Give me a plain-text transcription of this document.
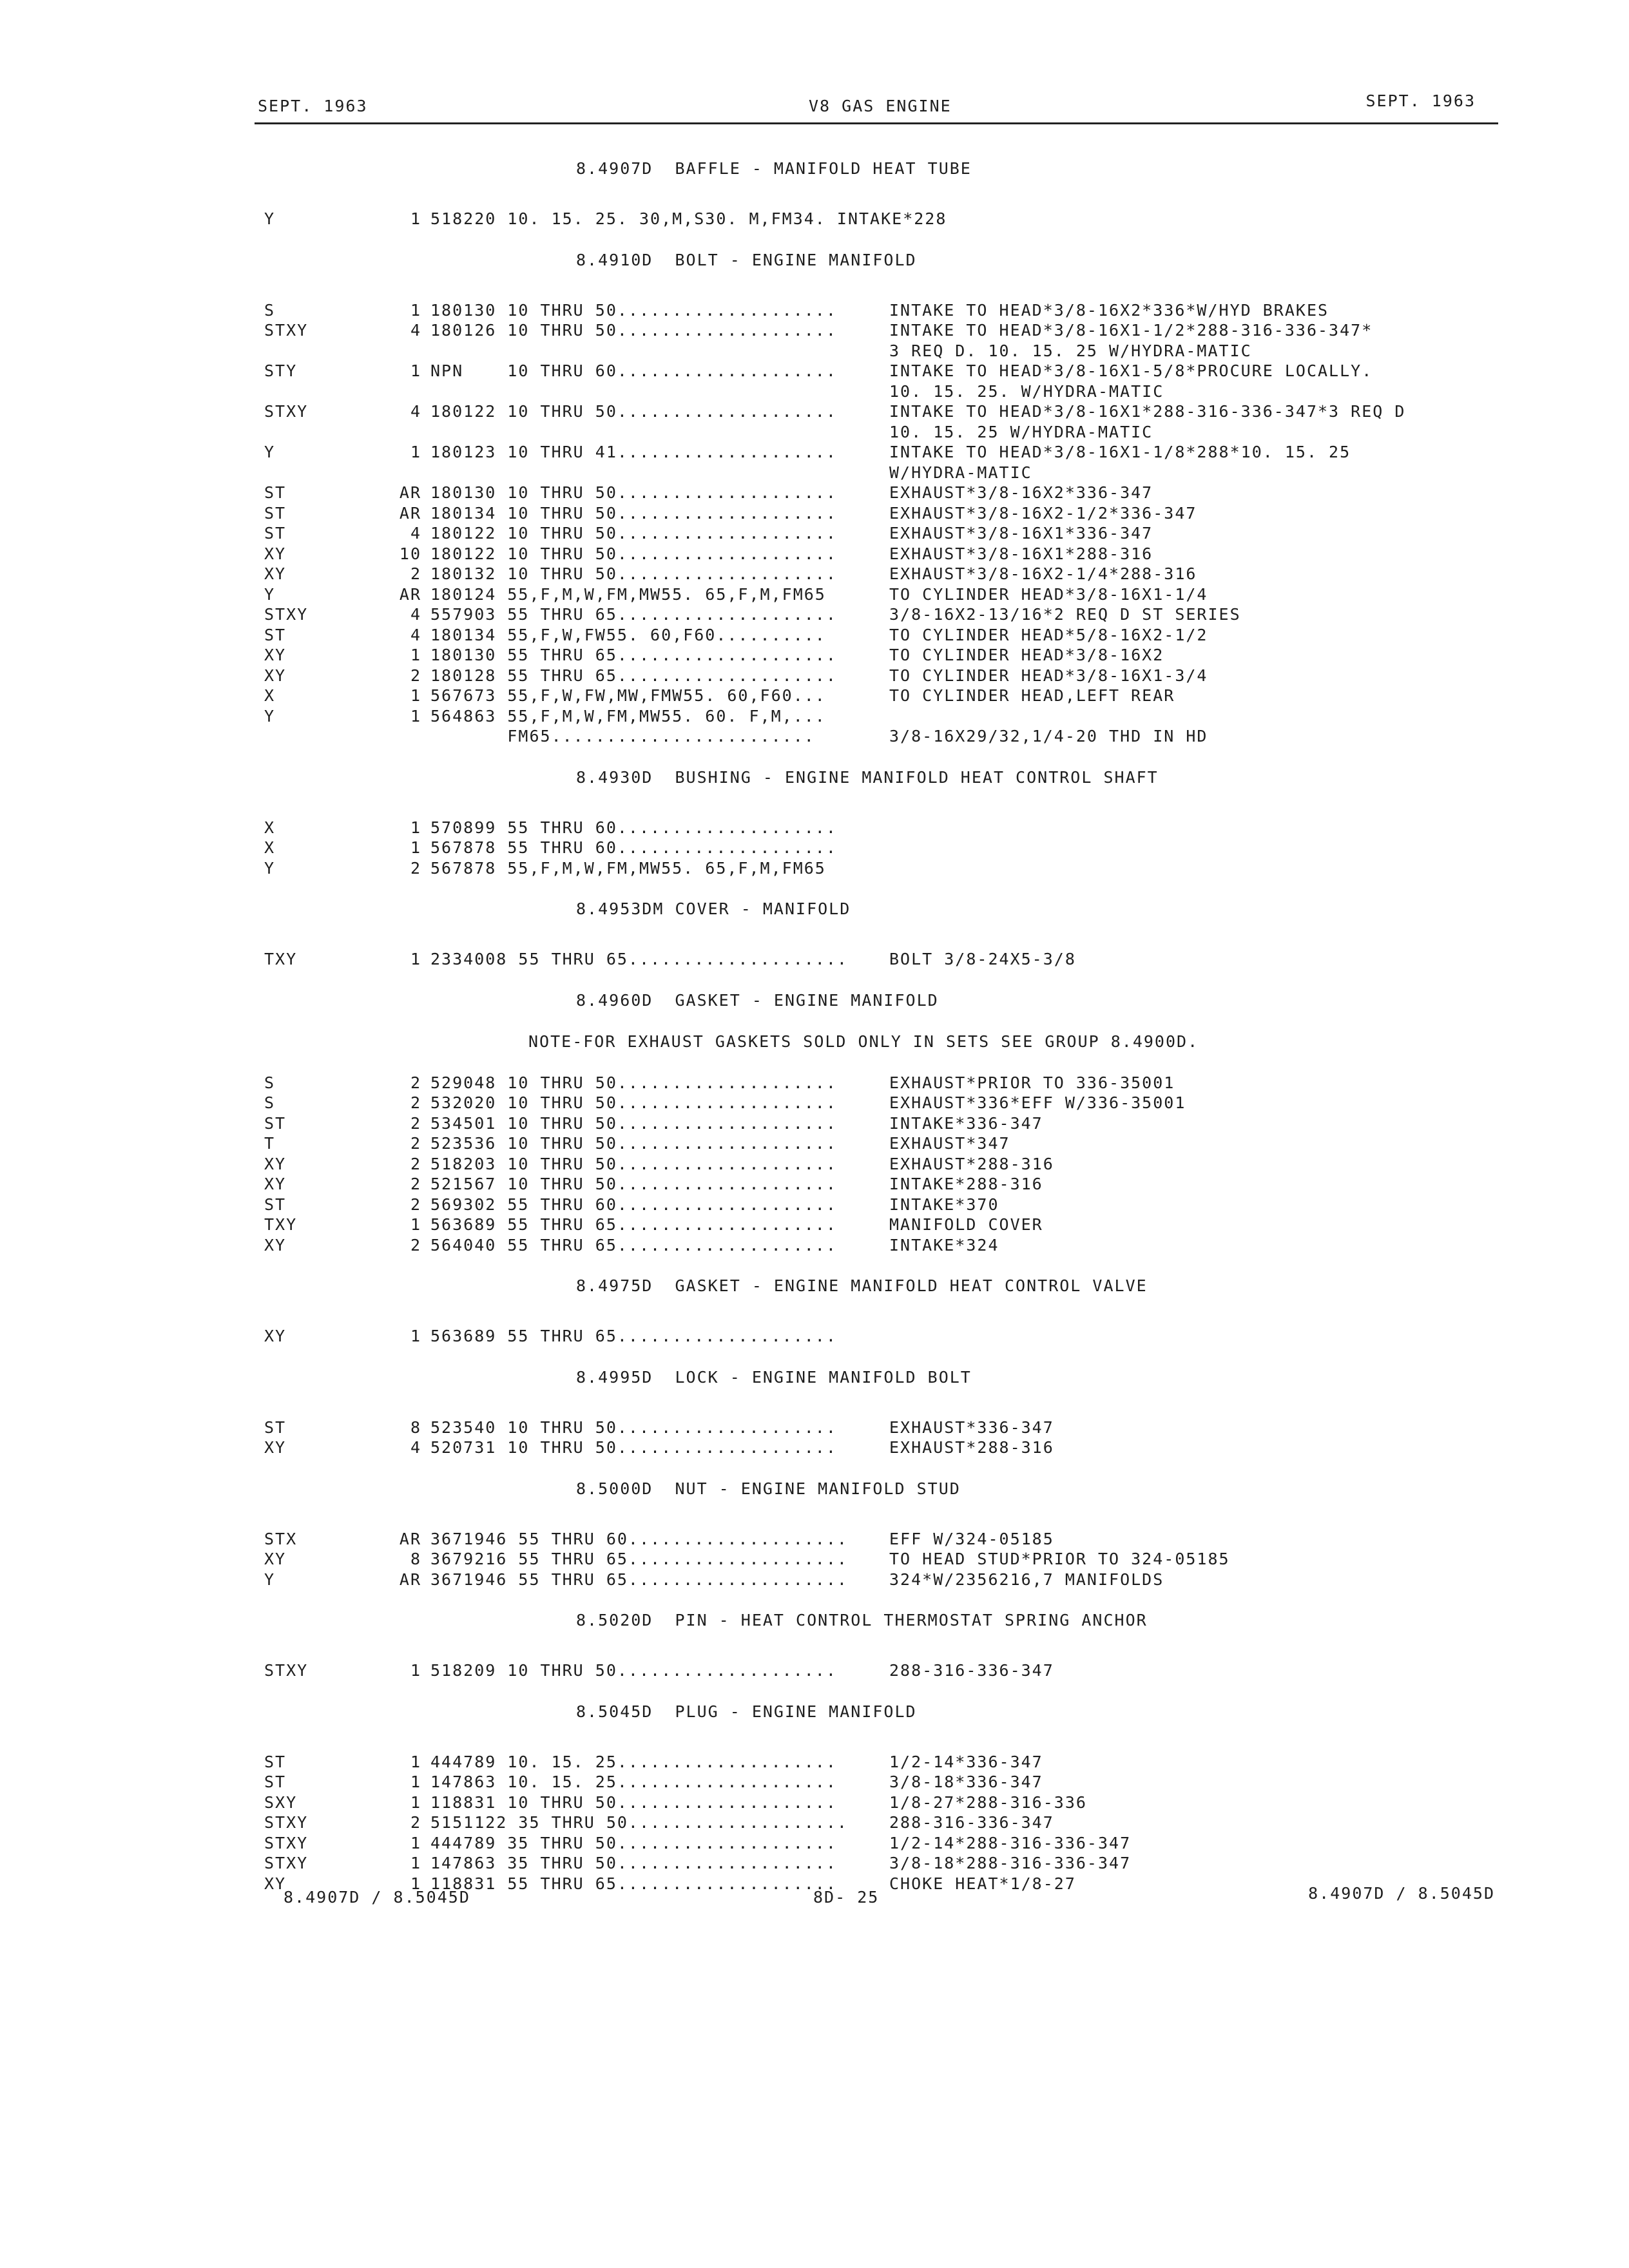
SEPT. 1963	V8 GAS ENGINE	SEPT. 1963
8.4907D  BAFFLE - MANIFOLD HEAT TUBE
Y	1 518220 10. 15. 25. 30,M,S30. M,FM34. INTAKE*228
8.4910D  BOLT - ENGINE MANIFOLD
S	1 180130 10 THRU 50....................	INTAKE TO HEAD*3/8-16X2*336*W/HYD BRAKES
STXY	4 180126 10 THRU 50....................	INTAKE TO HEAD*3/8-16X1-1/2*288-316-336-347*
3 REQ D. 10. 15. 25 W/HYDRA-MATIC
STY	1 NPN    10 THRU 60....................	INTAKE TO HEAD*3/8-16X1-5/8*PROCURE LOCALLY.
10. 15. 25. W/HYDRA-MATIC
STXY	4 180122 10 THRU 50....................	INTAKE TO HEAD*3/8-16X1*288-316-336-347*3 REQ D
10. 15. 25 W/HYDRA-MATIC
Y	1 180123 10 THRU 41....................	INTAKE TO HEAD*3/8-16X1-1/8*288*10. 15. 25
W/HYDRA-MATIC
ST	AR 180130 10 THRU 50....................	EXHAUST*3/8-16X2*336-347
ST	AR 180134 10 THRU 50....................	EXHAUST*3/8-16X2-1/2*336-347
ST	4 180122 10 THRU 50....................	EXHAUST*3/8-16X1*336-347
XY	10 180122 10 THRU 50....................	EXHAUST*3/8-16X1*288-316
XY	2 180132 10 THRU 50....................	EXHAUST*3/8-16X2-1/4*288-316
Y	AR 180124 55,F,M,W,FM,MW55. 65,F,M,FM65	TO CYLINDER HEAD*3/8-16X1-1/4
STXY	4 557903 55 THRU 65....................	3/8-16X2-13/16*2 REQ D ST SERIES
ST	4 180134 55,F,W,FW55. 60,F60..........	TO CYLINDER HEAD*5/8-16X2-1/2
XY	1 180130 55 THRU 65....................	TO CYLINDER HEAD*3/8-16X2
XY	2 180128 55 THRU 65....................	TO CYLINDER HEAD*3/8-16X1-3/4
X	1 567673 55,F,W,FW,MW,FMW55. 60,F60...	TO CYLINDER HEAD,LEFT REAR
Y	1 564863 55,F,M,W,FM,MW55. 60. F,M,...
FM65........................	3/8-16X29/32,1/4-20 THD IN HD
8.4930D  BUSHING - ENGINE MANIFOLD HEAT CONTROL SHAFT
X	1 570899 55 THRU 60....................
X	1 567878 55 THRU 60....................
Y	2 567878 55,F,M,W,FM,MW55. 65,F,M,FM65
8.4953DM COVER - MANIFOLD
TXY	1 2334008 55 THRU 65....................	BOLT 3/8-24X5-3/8
8.4960D  GASKET - ENGINE MANIFOLD
NOTE-FOR EXHAUST GASKETS SOLD ONLY IN SETS SEE GROUP 8.4900D.
S	2 529048 10 THRU 50....................	EXHAUST*PRIOR TO 336-35001
S	2 532020 10 THRU 50....................	EXHAUST*336*EFF W/336-35001
ST	2 534501 10 THRU 50....................	INTAKE*336-347
T	2 523536 10 THRU 50....................	EXHAUST*347
XY	2 518203 10 THRU 50....................	EXHAUST*288-316
XY	2 521567 10 THRU 50....................	INTAKE*288-316
ST	2 569302 55 THRU 60....................	INTAKE*370
TXY	1 563689 55 THRU 65....................	MANIFOLD COVER
XY	2 564040 55 THRU 65....................	INTAKE*324
8.4975D  GASKET - ENGINE MANIFOLD HEAT CONTROL VALVE
XY	1 563689 55 THRU 65....................
8.4995D  LOCK - ENGINE MANIFOLD BOLT
ST	8 523540 10 THRU 50....................	EXHAUST*336-347
XY	4 520731 10 THRU 50....................	EXHAUST*288-316
8.5000D  NUT - ENGINE MANIFOLD STUD
STX	AR 3671946 55 THRU 60....................	EFF W/324-05185
XY	8 3679216 55 THRU 65....................	TO HEAD STUD*PRIOR TO 324-05185
Y	AR 3671946 55 THRU 65....................	324*W/2356216,7 MANIFOLDS
8.5020D  PIN - HEAT CONTROL THERMOSTAT SPRING ANCHOR
STXY	1 518209 10 THRU 50....................	288-316-336-347
8.5045D  PLUG - ENGINE MANIFOLD
ST	1 444789 10. 15. 25....................	1/2-14*336-347
ST	1 147863 10. 15. 25....................	3/8-18*336-347
SXY	1 118831 10 THRU 50....................	1/8-27*288-316-336
STXY	2 5151122 35 THRU 50....................	288-316-336-347
STXY	1 444789 35 THRU 50....................	1/2-14*288-316-336-347
STXY	1 147863 35 THRU 50....................	3/8-18*288-316-336-347
XY	1 118831 55 THRU 65....................	CHOKE HEAT*1/8-27
8.4907D / 8.5045D	8D- 25	8.4907D / 8.5045D
